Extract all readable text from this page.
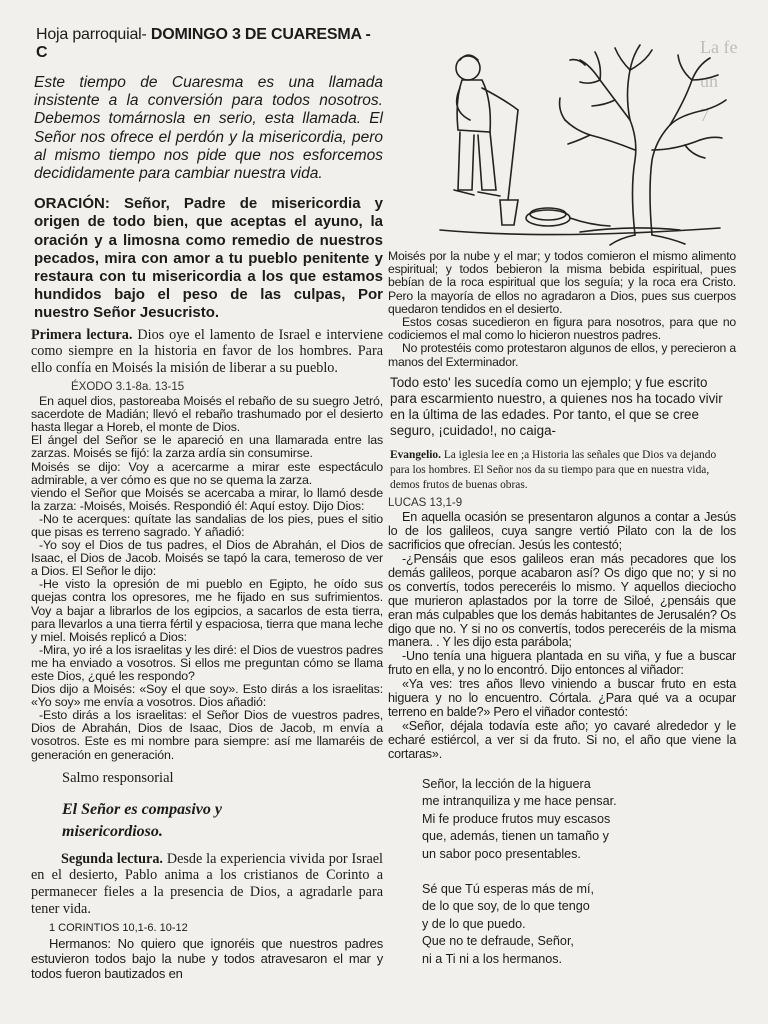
La fe
un
7
Hoja parroquial- DOMINGO 3 DE CUARESMA - C

Este tiempo de Cuaresma es una llamada insistente a la conversión para todos nosotros. Debemos tomárnosla en serio, esta llamada. El Señor nos ofrece el perdón y la misericordia, pero al mismo tiempo nos pide que nos esforcemos decididamente para cambiar nuestra vida.

ORACIÓN: Señor, Padre de misericordia y origen de todo bien, que aceptas el ayuno, la oración y a limosna como remedio de nuestros pecados, mira con amor a tu pueblo penitente y restaura con tu misericordia a los que estamos hundidos bajo el peso de las culpas, Por nuestro Señor Jesucristo.

Primera lectura. Dios oye el lamento de Israel e interviene como siempre en la historia en favor de los hombres. Para ello confía en Moisés la misión de liberar a su pueblo.

ÉXODO 3.1-8a. 13-15

En aquel dios, pastoreaba Moisés el rebaño de su suegro Jetró, sacerdote de Madián; llevó el rebaño trashumado por el desierto hasta llegar a Horeb, el monte de Dios.

El ángel del Señor se le apareció en una llamarada entre las zarzas. Moisés se fijó: la zarza ardía sin consumirse.

Moisés se dijo: Voy a acercarme a mirar este espectáculo admirable, a ver cómo es que no se quema la zarza.

viendo el Señor que Moisés se acercaba a mirar, lo llamó desde la zarza: -Moisés, Moisés. Respondió él: Aquí estoy. Dijo Dios:

-No te acerques: quítate las sandalias de los pies, pues el sitio que pisas es terreno sagrado. Y añadió:

-Yo soy el Dios de tus padres, el Dios de Abrahán, el Dios de Isaac, el Dios de Jacob. Moisés se tapó la cara, temeroso de ver a Dios. El Señor le dijo:

-He visto la opresión de mi pueblo en Egipto, he oído sus quejas contra los opresores, me he fijado en sus sufrimientos. Voy a bajar a librarlos de los egipcios, a sacarlos de esta tierra, para llevarlos a una tierra fértil y espaciosa, tierra que mana leche y miel. Moisés replicó a Dios:

-Mira, yo iré a los israelitas y les diré: el Dios de vuestros padres me ha enviado a vosotros. Si ellos me preguntan cómo se llama este Dios, ¿qué les respondo?

Dios dijo a Moisés: «Soy el que soy». Esto dirás a los israelitas: «Yo soy» me envía a vosotros. Dios añadió:

-Esto dirás a los israelitas: el Señor Dios de vuestros padres, Dios de Abrahán, Dios de Isaac, Dios de Jacob, m envía a vosotros. Este es mi nombre para siempre: así me llamaréis de generación en generación.

Salmo responsorial
El Señor es compasivo y
misericordioso.

Segunda lectura. Desde la experiencia vivida por Israel en el desierto, Pablo anima a los cristianos de Corinto a permanecer fieles a la presencia de Dios, a agradarle para tener vida.

1 CORINTIOS 10,1-6. 10-12

Hermanos: No quiero que ignoréis que nuestros padres estuvieron todos bajo la nube y todos atravesaron el mar y todos fueron bautizados en

Moisés por la nube y el mar; y todos comieron el mismo alimento espiritual; y todos bebieron la misma bebida espiritual, pues bebían de la roca espiritual que los seguía; y la roca era Cristo. Pero la mayoría de ellos no agradaron a Dios, pues sus cuerpos quedaron tendidos en el desierto.

Estos cosas sucedieron en figura para nosotros, para que no codiciemos el mal como lo hicieron nuestros padres.

No protestéis como protestaron algunos de ellos, y perecieron a manos del Exterminador.

Todo esto' les sucedía como un ejemplo; y fue escrito para escarmiento nuestro, a quienes nos ha tocado vivir en la última de las edades. Por tanto, el que se cree seguro, ¡cuidado!, no caiga-

Evangelio. La iglesia lee en ;a Historia las señales que Dios va dejando para los hombres. El Señor nos da su tiempo para que en nuestra vida, demos frutos de buenas obras.

LUCAS 13,1-9

En aquella ocasión se presentaron algunos a contar a Jesús lo de los galileos, cuya sangre vertió Pilato con la de los sacrificios que ofrecían. Jesús les contestó;

-¿Pensáis que esos galileos eran más pecadores que los demás galileos, porque acabaron así? Os digo que no; y si no os convertís, todos pereceréis lo mismo. Y aquellos dieciocho que murieron aplastados por la torre de Siloé, ¿pensáis que eran más culpables que los demás habitantes de Jerusalén? Os digo que no. Y si no os convertís, todos pereceréis de la misma manera. . Y les dijo esta parábola;

-Uno tenía una higuera plantada en su viña, y fue a buscar fruto en ella, y no lo encontró. Dijo entonces al viñador:

«Ya ves: tres años llevo viniendo a buscar fruto en esta higuera y no lo encuentro. Córtala. ¿Para qué va a ocupar terreno en balde?» Pero el viñador contestó:

«Señor, déjala todavía este año; yo cavaré alrededor y le echaré estiércol, a ver si da fruto. Si no, el año que viene la cortaras».

Señor, la lección de la higuera
me intranquiliza y me hace pensar.
Mi fe produce frutos muy escasos
que, además, tienen un tamaño y
un sabor poco presentables.

Sé que Tú esperas más de mí,
de lo que soy, de lo que tengo
y de lo que puedo.
Que no te defraude, Señor,
ni a Ti ni a los hermanos.
